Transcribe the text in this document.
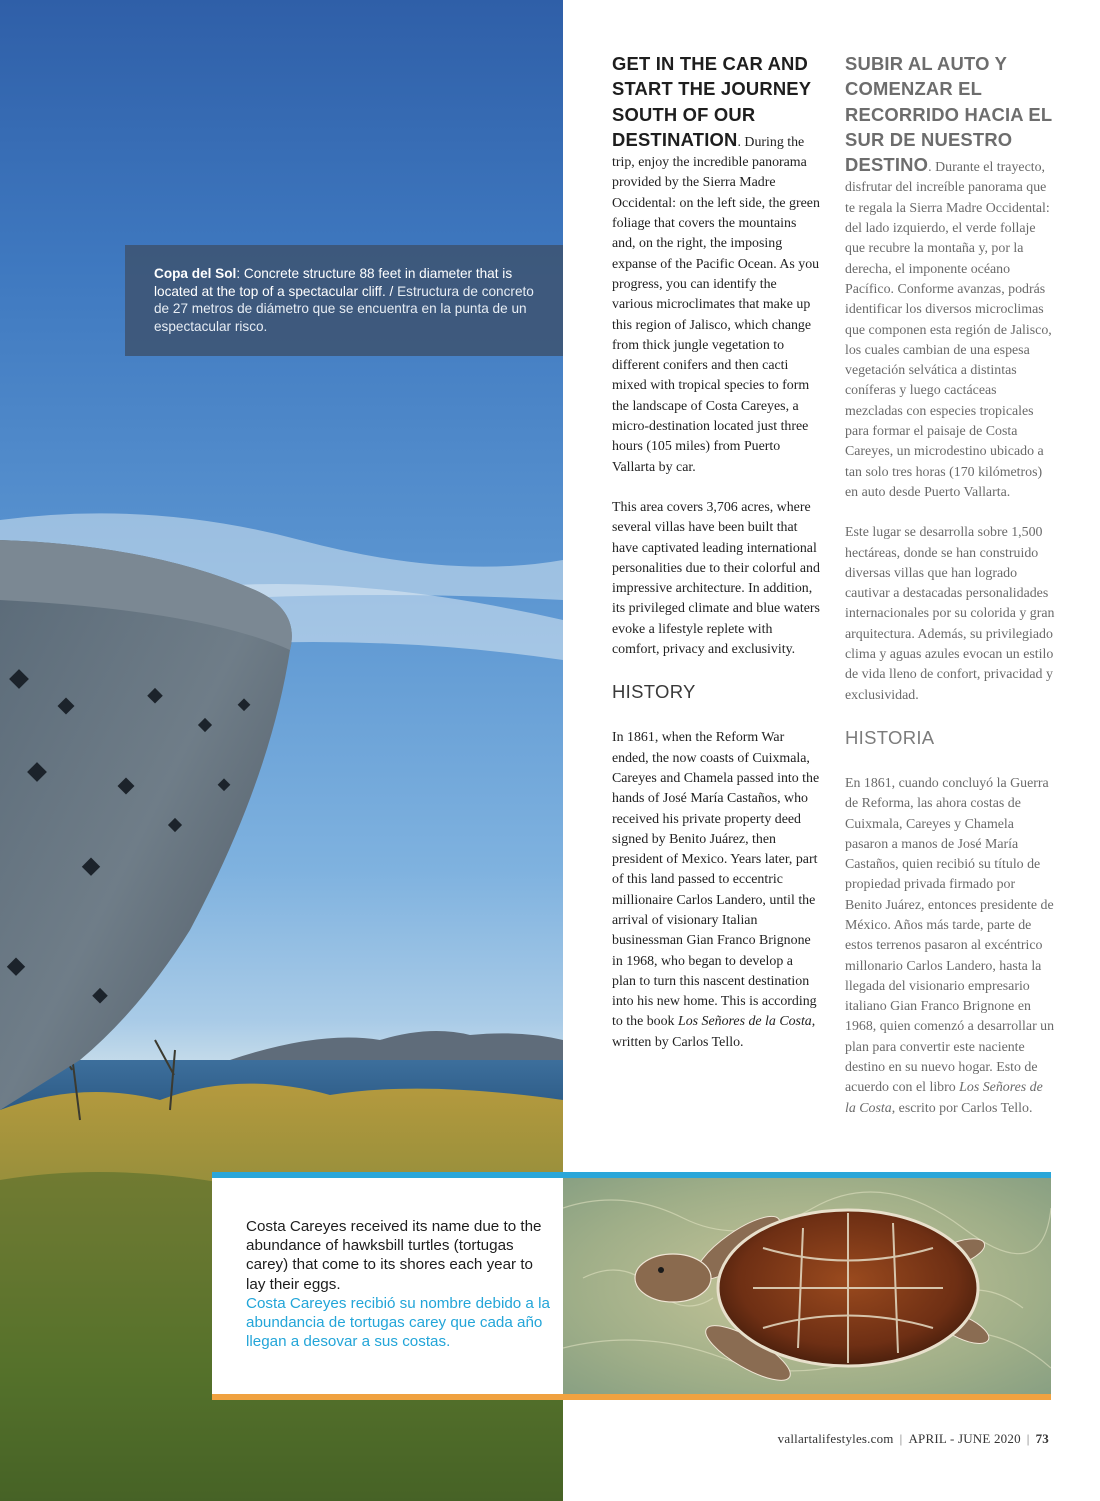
Copa del Sol: Concrete structure 88 feet in diameter that is located at the top of a spectacular cliff. / Estructura de concreto de 27 metros de diámetro que se encuentra en la punta de un espectacular risco.

GET IN THE CAR AND START THE JOURNEY SOUTH OF OUR DESTINATION. During the trip, enjoy the incredible panorama provided by the Sierra Madre Occidental: on the left side, the green foliage that covers the mountains and, on the right, the imposing expanse of the Pacific Ocean. As you progress, you can identify the various microclimates that make up this region of Jalisco, which change from thick jungle vegetation to different conifers and then cacti mixed with tropical species to form the landscape of Costa Careyes, a micro-destination located just three hours (105 miles) from Puerto Vallarta by car.

This area covers 3,706 acres, where several villas have been built that have captivated leading international personalities due to their colorful and impressive architecture. In addition, its privileged climate and blue waters evoke a lifestyle replete with comfort, privacy and exclusivity.

HISTORY

In 1861, when the Reform War ended, the now coasts of Cuixmala, Careyes and Chamela passed into the hands of José María Castaños, who received his private property deed signed by Benito Juárez, then president of Mexico. Years later, part of this land passed to eccentric millionaire Carlos Landero, until the arrival of visionary Italian businessman Gian Franco Brignone in 1968, who began to develop a plan to turn this nascent destination into his new home. This is according to the book Los Señores de la Costa, written by Carlos Tello.

SUBIR AL AUTO Y COMENZAR EL RECORRIDO HACIA EL SUR DE NUESTRO DESTINO. Durante el trayecto, disfrutar del increíble panorama que te regala la Sierra Madre Occidental: del lado izquierdo, el verde follaje que recubre la montaña y, por la derecha, el imponente océano Pacífico. Conforme avanzas, podrás identificar los diversos microclimas que componen esta región de Jalisco, los cuales cambian de una espesa vegetación selvática a distintas coníferas y luego cactáceas mezcladas con especies tropicales para formar el paisaje de Costa Careyes, un microdestino ubicado a tan solo tres horas (170 kilómetros) en auto desde Puerto Vallarta.

Este lugar se desarrolla sobre 1,500 hectáreas, donde se han construido diversas villas que han logrado cautivar a destacadas personalidades internacionales por su colorida y gran arquitectura. Además, su privilegiado clima y aguas azules evocan un estilo de vida lleno de confort, privacidad y exclusividad.

HISTORIA

En 1861, cuando concluyó la Guerra de Reforma, las ahora costas de Cuixmala, Careyes y Chamela pasaron a manos de José María Castaños, quien recibió su título de propiedad privada firmado por Benito Juárez, entonces presidente de México. Años más tarde, parte de estos terrenos pasaron al excéntrico millonario Carlos Landero, hasta la llegada del visionario empresario italiano Gian Franco Brignone en 1968, quien comenzó a desarrollar un plan para convertir este naciente destino en su nuevo hogar. Esto de acuerdo con el libro Los Señores de la Costa, escrito por Carlos Tello.

Costa Careyes received its name due to the abundance of hawksbill turtles (tortugas carey) that come to its shores each year to lay their eggs.
Costa Careyes recibió su nombre debido a la abundancia de tortugas carey que cada año llegan a desovar a sus costas.
vallartalifestyles.com | APRIL - JUNE 2020 | 73
